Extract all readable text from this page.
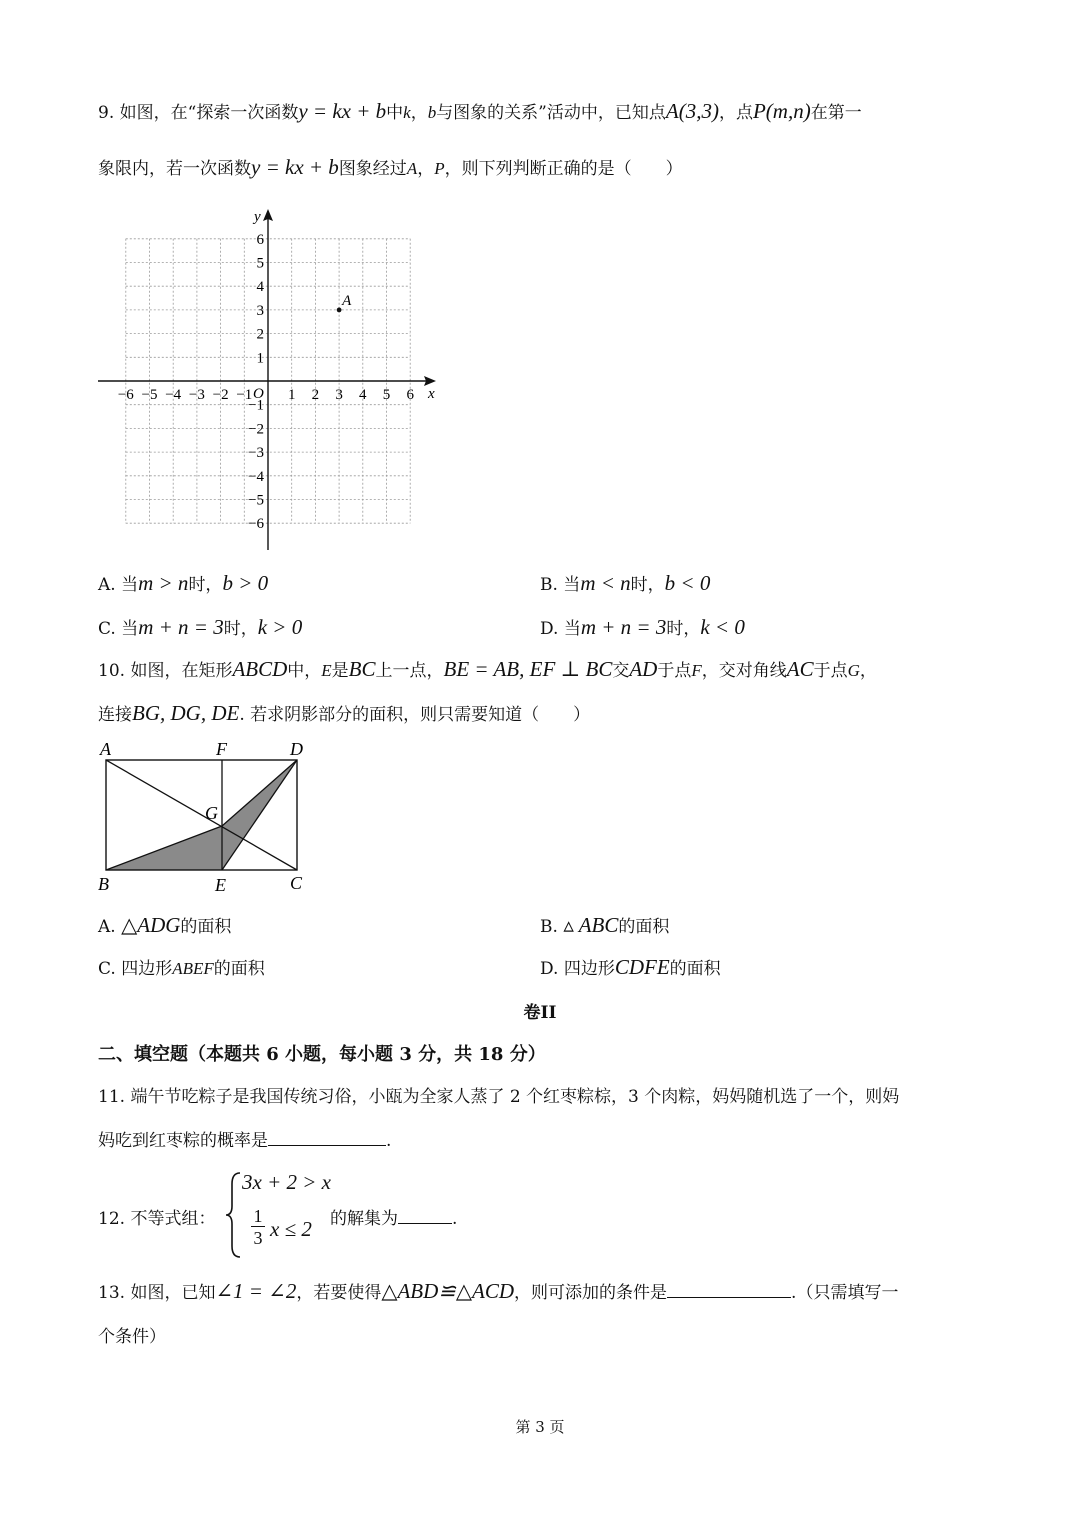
9. 如图，在“探索一次函数y = kx + b中k，b与图象的关系”活动中，已知点A(3,3)，点P(m,n)在第一
象限内，若一次函数y = kx + b图象经过A，P，则下列判断正确的是（　　）
x
y
O
−6 −5 −4 −3 −2 −1 1 2 3 4 5 6
1
2
3
4
5
6
−1
−2
−3
−4
−5
−6
A
A. 当m > n时，b > 0	B. 当m < n时，b < 0
C. 当m + n = 3时，k > 0	D. 当m + n = 3时，k < 0
10. 如图，在矩形ABCD中，E是BC上一点，BE = AB, EF ⊥ BC交AD于点F，交对角线AC于点G，
连接BG, DG, DE. 若求阴影部分的面积，则只需要知道（　　）
A	F	D
G
B	E	C
A. △ADG的面积	B. ▵ ABC的面积
C. 四边形ABEF的面积	D. 四边形CDFE的面积
卷II
二、填空题（本题共 6 小题，每小题 3 分，共 18 分）
11. 端午节吃粽子是我国传统习俗，小瓯为全家人蒸了 2 个红枣粽棕，3 个肉粽，妈妈随机选了一个，则妈
妈吃到红枣粽的概率是	.
12. 不等式组：
3x + 2 > x
1
3 x ≤ 2 的解集为	.
13. 如图，已知∠1 = ∠2，若要使得△ABD≌△ACD，则可添加的条件是	.（只需填写一
个条件）
第 3 页
